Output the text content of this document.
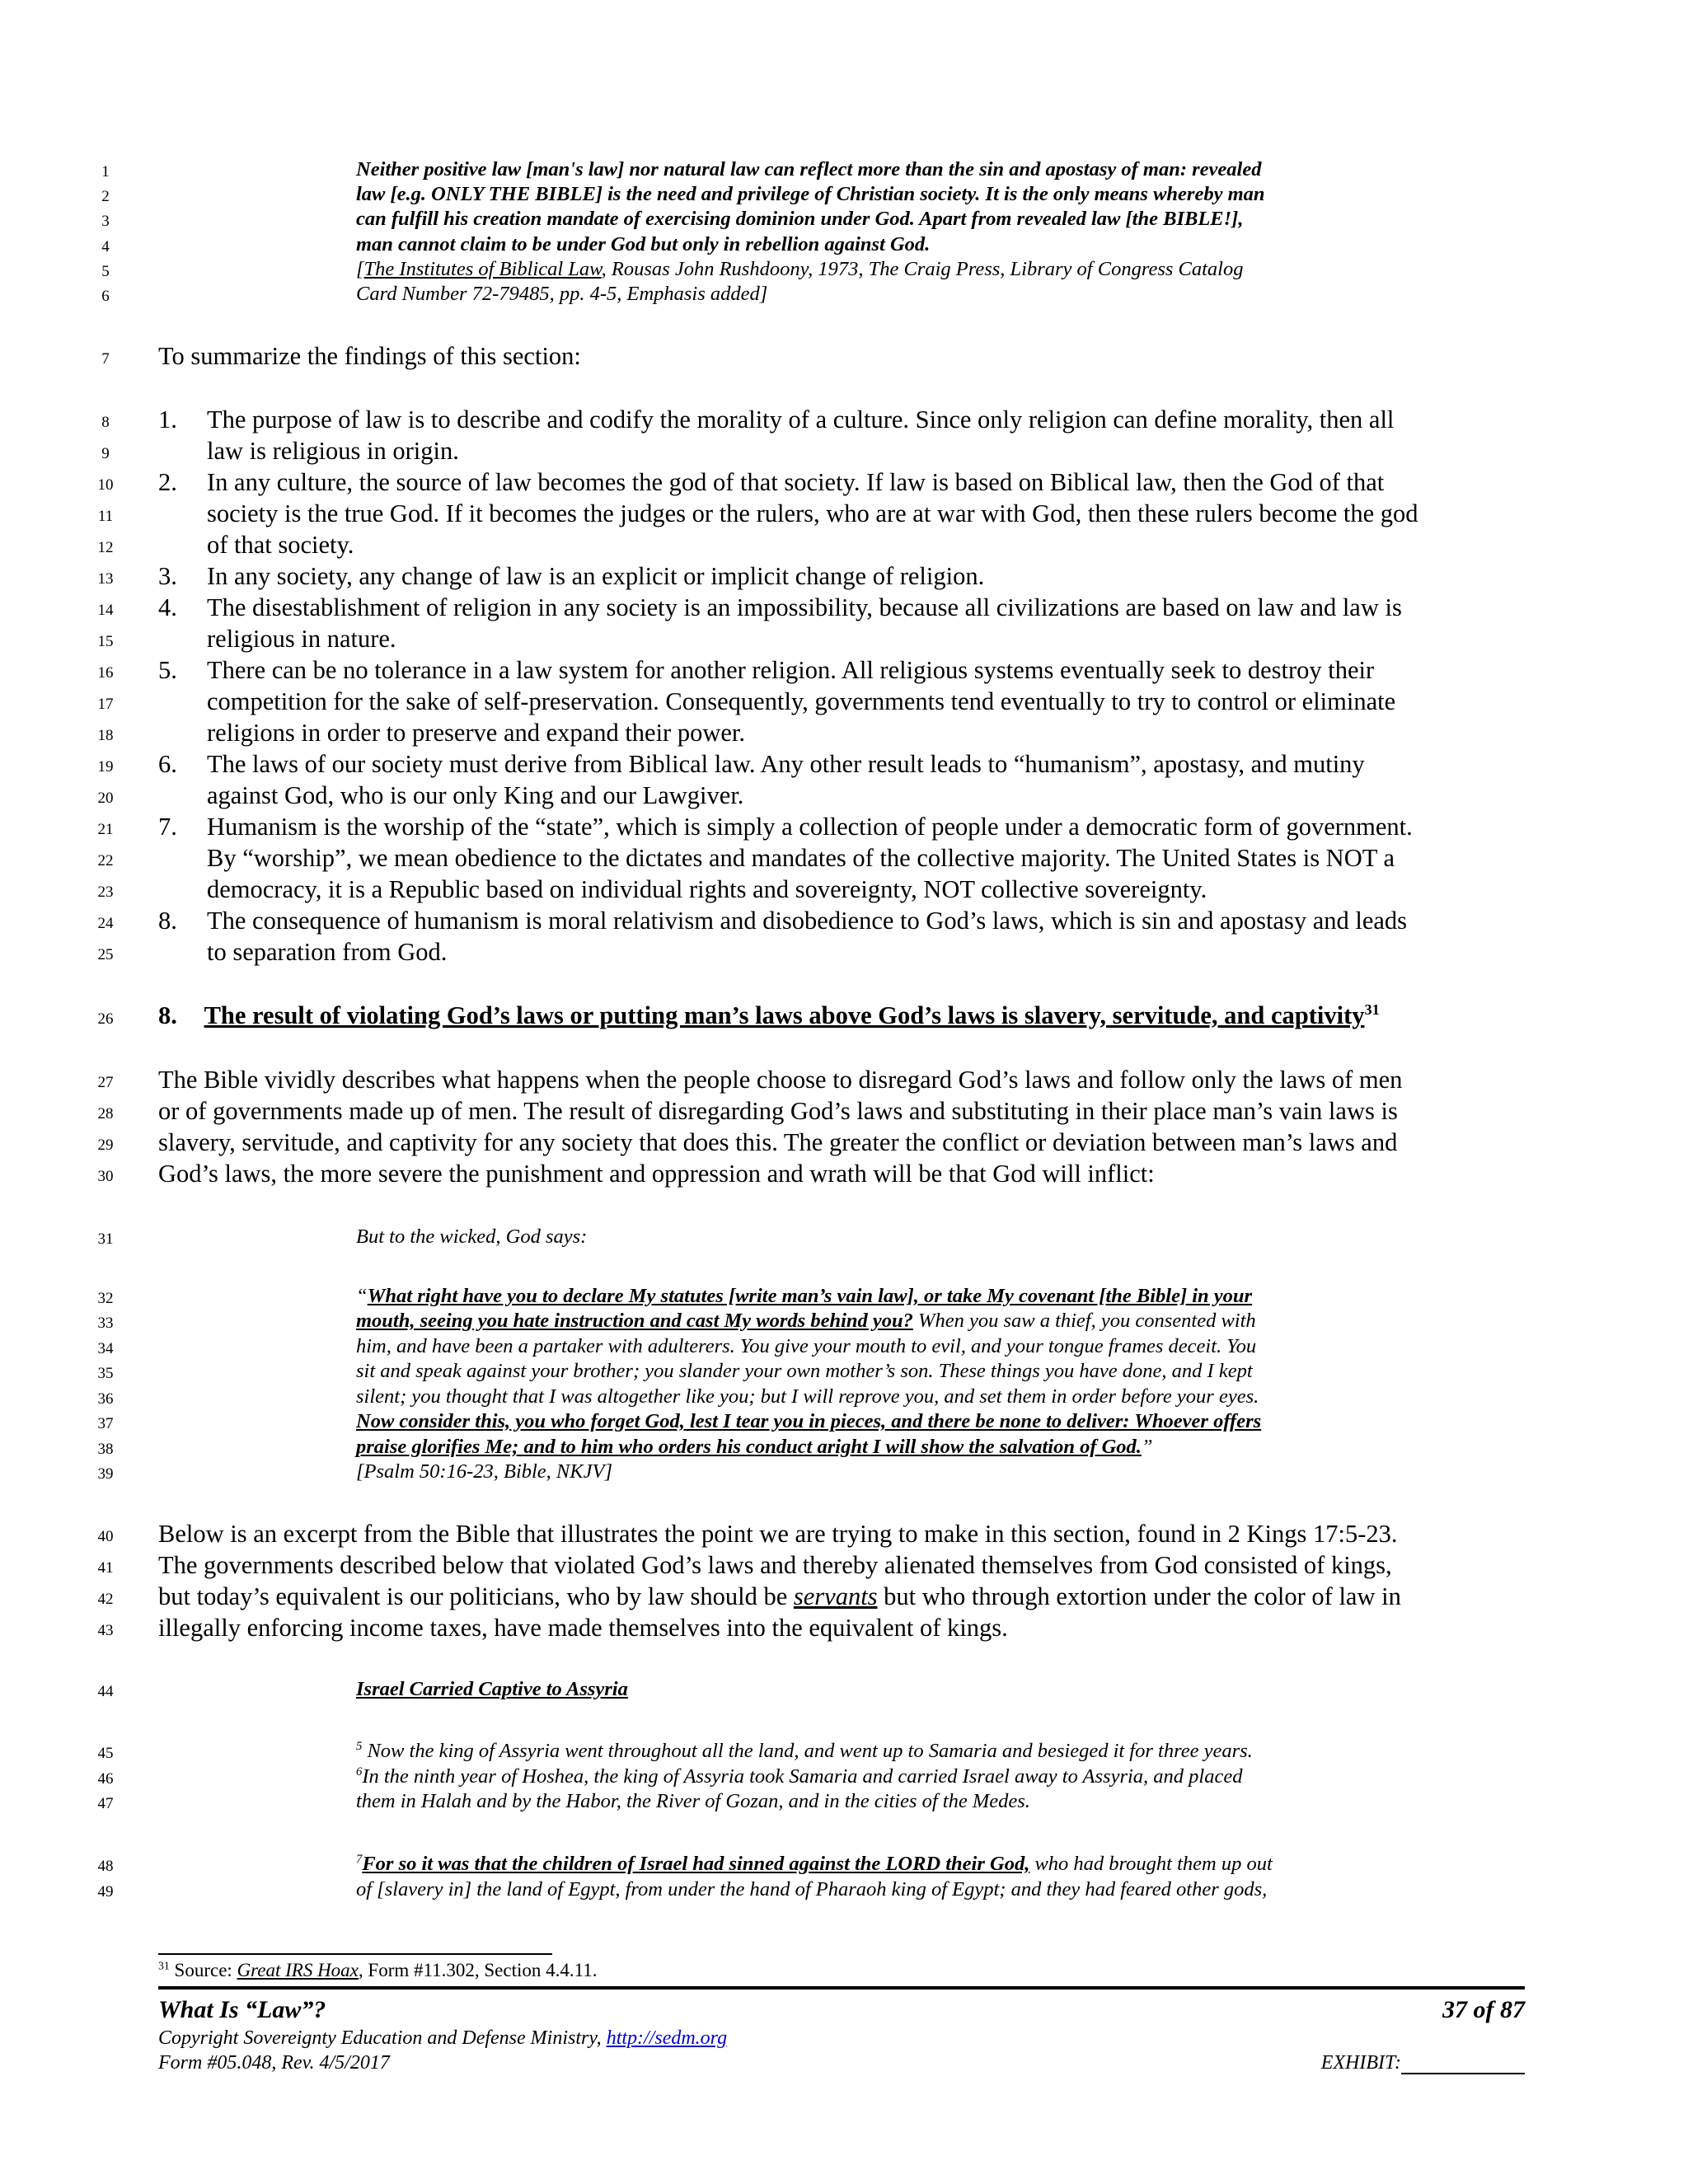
1
2
3
4
5
6
7
8
9
10
11
12
13
14
15
16
17
18
19
20
21
22
23
24
25
26
27
28
29
30
31
32
33
34
35
36
37
38
39
40
41
42
43
44
45
46
47
48
49
Neither positive law [man's law] nor natural law can reflect more than the sin and apostasy of man: revealed
law [e.g. ONLY THE BIBLE] is the need and privilege of Christian society. It is the only means whereby man
can fulfill his creation mandate of exercising dominion under God. Apart from revealed law [the BIBLE!],
man cannot claim to be under God but only in rebellion against God.
[The Institutes of Biblical Law, Rousas John Rushdoony, 1973, The Craig Press, Library of Congress Catalog
Card Number 72-79485, pp. 4-5, Emphasis added]
To summarize the findings of this section:
1. The purpose of law is to describe and codify the morality of a culture. Since only religion can define morality, then all
law is religious in origin.
2. In any culture, the source of law becomes the god of that society. If law is based on Biblical law, then the God of that
society is the true God. If it becomes the judges or the rulers, who are at war with God, then these rulers become the god
of that society.
3. In any society, any change of law is an explicit or implicit change of religion.
4. The disestablishment of religion in any society is an impossibility, because all civilizations are based on law and law is
religious in nature.
5. There can be no tolerance in a law system for another religion. All religious systems eventually seek to destroy their
competition for the sake of self-preservation. Consequently, governments tend eventually to try to control or eliminate
religions in order to preserve and expand their power.
6. The laws of our society must derive from Biblical law. Any other result leads to “humanism”, apostasy, and mutiny
against God, who is our only King and our Lawgiver.
7. Humanism is the worship of the “state”, which is simply a collection of people under a democratic form of government.
By “worship”, we mean obedience to the dictates and mandates of the collective majority. The United States is NOT a
democracy, it is a Republic based on individual rights and sovereignty, NOT collective sovereignty.
8. The consequence of humanism is moral relativism and disobedience to God’s laws, which is sin and apostasy and leads
to separation from God.
8. The result of violating God’s laws or putting man’s laws above God’s laws is slavery, servitude, and captivity$^{31}$
The Bible vividly describes what happens when the people choose to disregard God’s laws and follow only the laws of men
or of governments made up of men. The result of disregarding God’s laws and substituting in their place man’s vain laws is
slavery, servitude, and captivity for any society that does this. The greater the conflict or deviation between man’s laws and
God’s laws, the more severe the punishment and oppression and wrath will be that God will inflict:
But to the wicked, God says:
“What right have you to declare My statutes [write man’s vain law], or take My covenant [the Bible] in your
mouth, seeing you hate instruction and cast My words behind you? When you saw a thief, you consented with
him, and have been a partaker with adulterers. You give your mouth to evil, and your tongue frames deceit. You
sit and speak against your brother; you slander your own mother’s son. These things you have done, and I kept
silent; you thought that I was altogether like you; but I will reprove you, and set them in order before your eyes.
Now consider this, you who forget God, lest I tear you in pieces, and there be none to deliver: Whoever offers
praise glorifies Me; and to him who orders his conduct aright I will show the salvation of God.”
[Psalm 50:16-23, Bible, NKJV]
Below is an excerpt from the Bible that illustrates the point we are trying to make in this section, found in 2 Kings 17:5-23.
The governments described below that violated God’s laws and thereby alienated themselves from God consisted of kings,
but today’s equivalent is our politicians, who by law should be servants but who through extortion under the color of law in
illegally enforcing income taxes, have made themselves into the equivalent of kings.
Israel Carried Captive to Assyria
$^5$ Now the king of Assyria went throughout all the land, and went up to Samaria and besieged it for three years.
$^6$In the ninth year of Hoshea, the king of Assyria took Samaria and carried Israel away to Assyria, and placed
them in Halah and by the Habor, the River of Gozan, and in the cities of the Medes.
$^7$For so it was that the children of Israel had sinned against the LORD their God, who had brought them up out
of [slavery in] the land of Egypt, from under the hand of Pharaoh king of Egypt; and they had feared other gods,
$^{31}$ Source: Great IRS Hoax, Form #11.302, Section 4.4.11.
What Is “Law”?	37 of 87
Copyright Sovereignty Education and Defense Ministry, http://sedm.org
Form #05.048, Rev. 4/5/2017	EXHIBIT:
